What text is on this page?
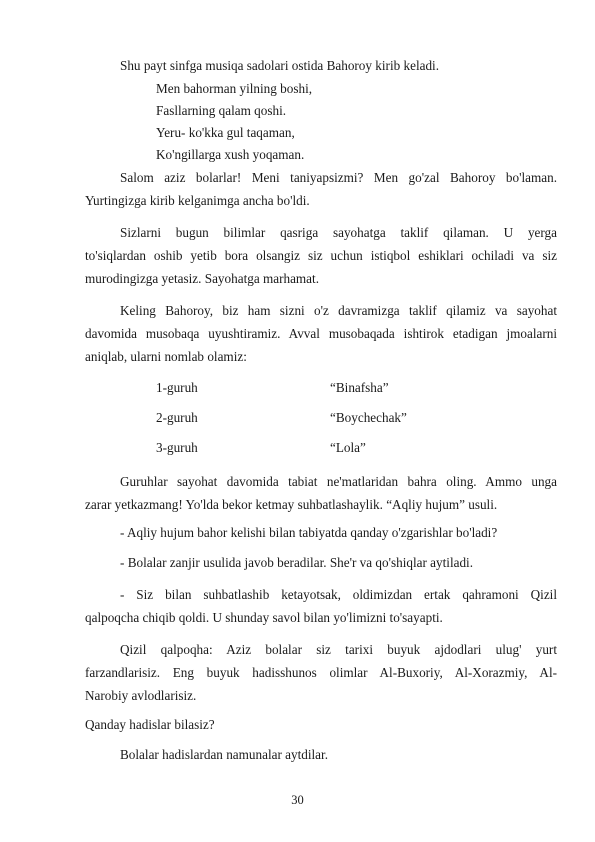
Shu payt sinfga musiqa sadolari ostida Bahoroy kirib keladi.
Men bahorman yilning boshi,
Fasllarning qalam qoshi.
Yeru- ko'kka gul taqaman,
Ko'ngillarga xush yoqaman.
Salom aziz bolarlar! Meni taniyapsizmi? Men go'zal Bahoroy bo'laman.
Yurtingizga kirib kelganimga ancha bo'ldi.
Sizlarni bugun bilimlar qasriga sayohatga taklif qilaman. U yerga
to'siqlardan oshib yetib bora olsangiz siz uchun istiqbol eshiklari ochiladi va siz
murodingizga yetasiz. Sayohatga marhamat.
Keling Bahoroy, biz ham sizni o'z davramizga taklif qilamiz va sayohat
davomida musobaqa uyushtiramiz. Avval musobaqada ishtirok etadigan jmoalarni
aniqlab, ularni nomlab olamiz:
1-guruh	“Binafsha”
2-guruh	“Boychechak”
3-guruh	“Lola”
Guruhlar sayohat davomida tabiat ne'matlaridan bahra oling. Ammo unga
zarar yetkazmang! Yo'lda bekor ketmay suhbatlashaylik. “Aqliy hujum” usuli.
- Aqliy hujum bahor kelishi bilan tabiyatda qanday o'zgarishlar bo'ladi?
- Bolalar zanjir usulida javob beradilar. She'r va qo'shiqlar aytiladi.
- Siz bilan suhbatlashib ketayotsak, oldimizdan ertak qahramoni Qizil
qalpoqcha chiqib qoldi. U shunday savol bilan yo'limizni to'sayapti.
Qizil qalpoqha: Aziz bolalar siz tarixi buyuk ajdodlari ulug' yurt
farzandlarisiz. Eng buyuk hadisshunos olimlar Al-Buxoriy, Al-Xorazmiy, Al-
Narobiy avlodlarisiz.
Qanday hadislar bilasiz?
Bolalar hadislardan namunalar aytdilar.
30
